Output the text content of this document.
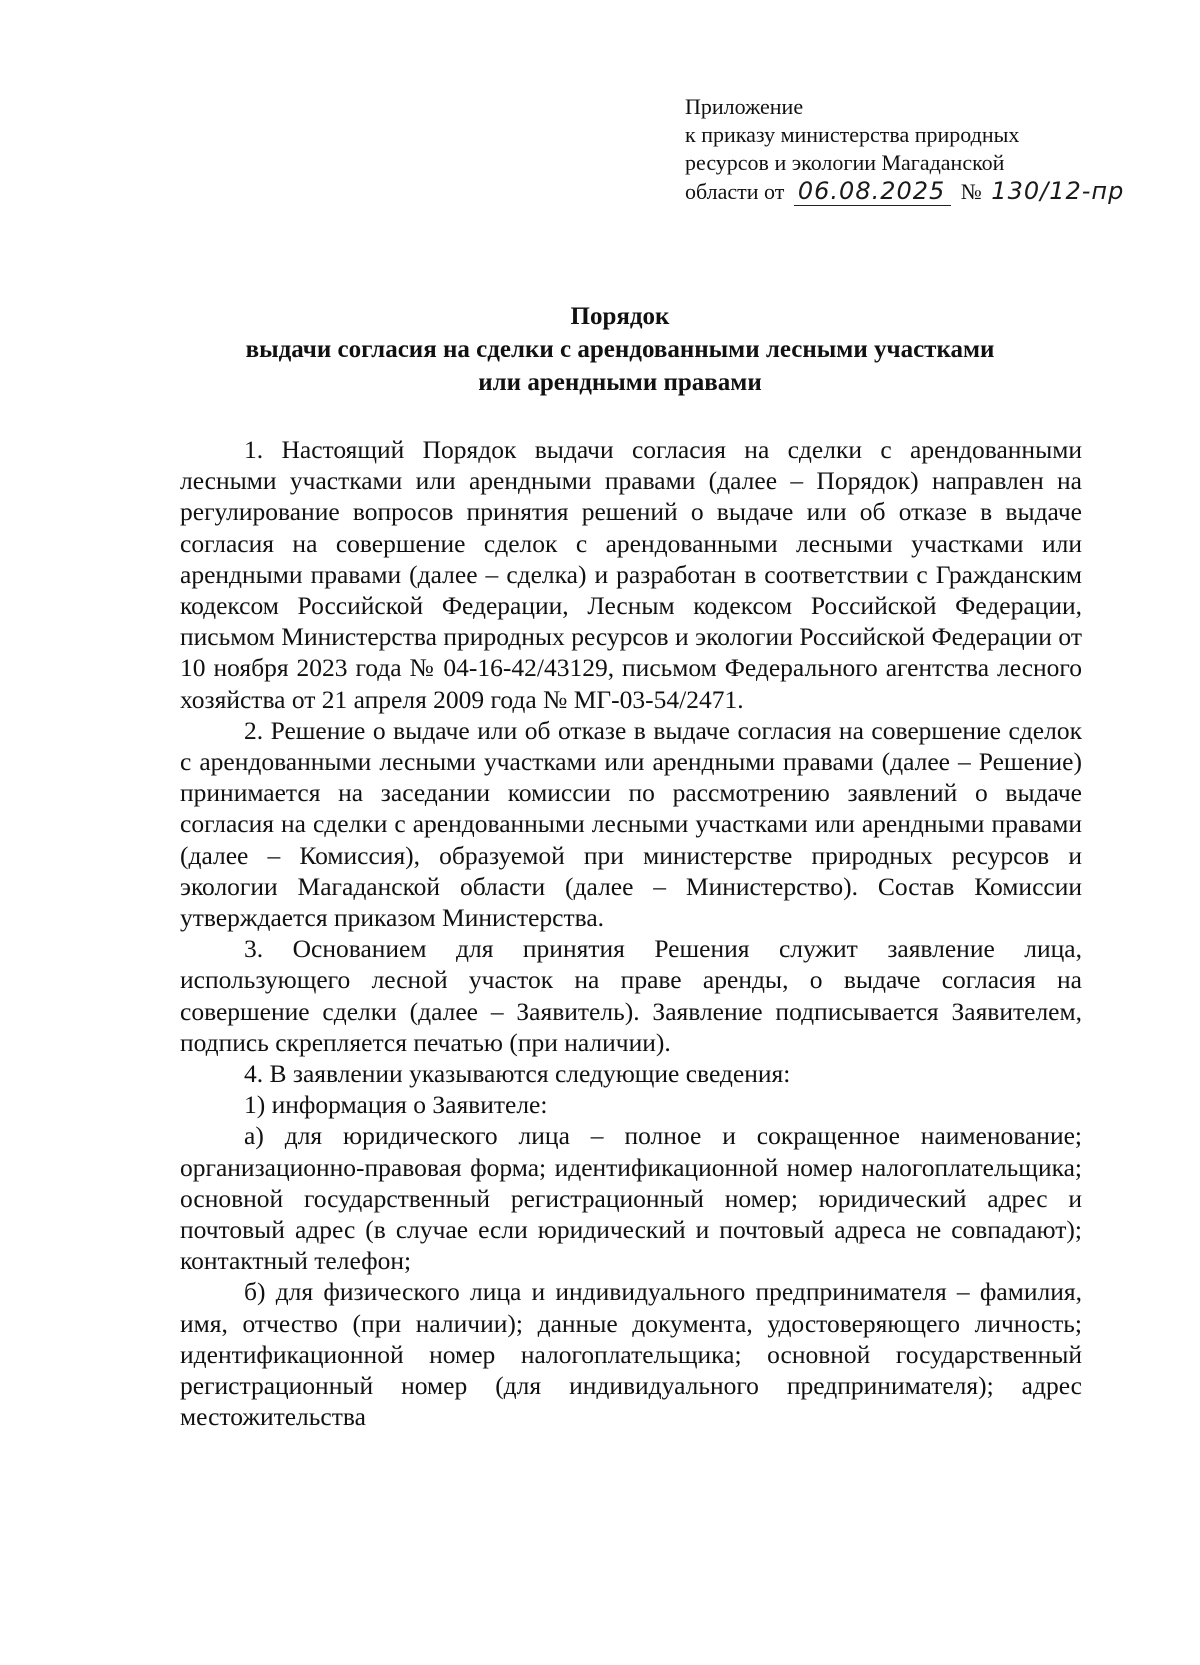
Приложение
к приказу министерства природных
ресурсов и экологии Магаданской
области от 06.08.2025 № 130/12-пр
Порядок
выдачи согласия на сделки с арендованными лесными участками
или арендными правами

1. Настоящий Порядок выдачи согласия на сделки с арендованными лесными участками или арендными правами (далее – Порядок) направлен на регулирование вопросов принятия решений о выдаче или об отказе в выдаче согласия на совершение сделок с арендованными лесными участками или арендными правами (далее – сделка) и разработан в соответствии с Гражданским кодексом Российской Федерации, Лесным кодексом Российской Федерации, письмом Министерства природных ресурсов и экологии Российской Федерации от 10 ноября 2023 года № 04-16-42/43129, письмом Федерального агентства лесного хозяйства от 21 апреля 2009 года № МГ-03-54/2471.

2. Решение о выдаче или об отказе в выдаче согласия на совершение сделок с арендованными лесными участками или арендными правами (далее – Решение) принимается на заседании комиссии по рассмотрению заявлений о выдаче согласия на сделки с арендованными лесными участками или арендными правами (далее – Комиссия), образуемой при министерстве природных ресурсов и экологии Магаданской области (далее – Министерство). Состав Комиссии утверждается приказом Министерства.

3. Основанием для принятия Решения служит заявление лица, использующего лесной участок на праве аренды, о выдаче согласия на совершение сделки (далее – Заявитель). Заявление подписывается Заявителем, подпись скрепляется печатью (при наличии).

4. В заявлении указываются следующие сведения:

1) информация о Заявителе:

а) для юридического лица – полное и сокращенное наименование; организационно-правовая форма; идентификационной номер налогоплательщика; основной государственный регистрационный номер; юридический адрес и почтовый адрес (в случае если юридический и почтовый адреса не совпадают); контактный телефон;

б) для физического лица и индивидуального предпринимателя – фамилия, имя, отчество (при наличии); данные документа, удостоверяющего личность; идентификационной номер налогоплательщика; основной государственный регистрационный номер (для индивидуального предпринимателя); адрес местожительства
